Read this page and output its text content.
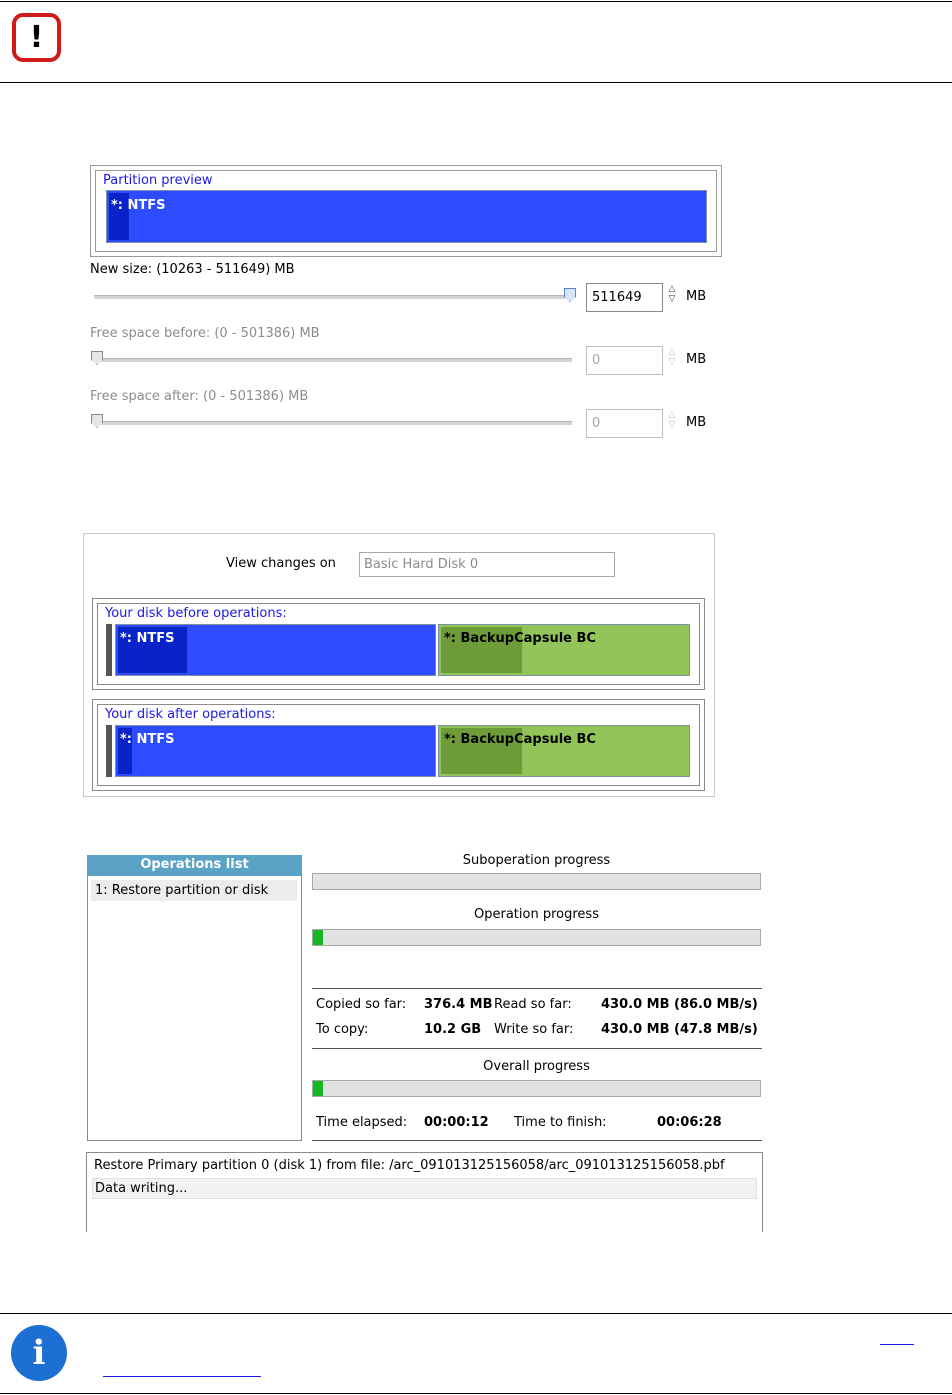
!
Partition preview
*: NTFS
New size: (10263 - 511649) MB
511649
△
▽ MB
Free space before: (0 - 501386) MB
0
△
▽ MB
Free space after: (0 - 501386) MB
0
△
▽ MB
View changes on	Basic Hard Disk 0
Your disk before operations:
*: NTFS	*: BackupCapsule BC
Your disk after operations:
*: NTFS	*: BackupCapsule BC
Operations list
1: Restore partition or disk
Suboperation progress
Operation progress
Copied so far: 376.4 MB Read so far: 430.0 MB (86.0 MB/s)
To copy:	10.2 GB Write so far: 430.0 MB (47.8 MB/s)
Overall progress
Time elapsed: 00:00:12 Time to finish:	00:06:28
Restore Primary partition 0 (disk 1) from file: /arc_091013125156058/arc_091013125156058.pbf
Data writing...
i
